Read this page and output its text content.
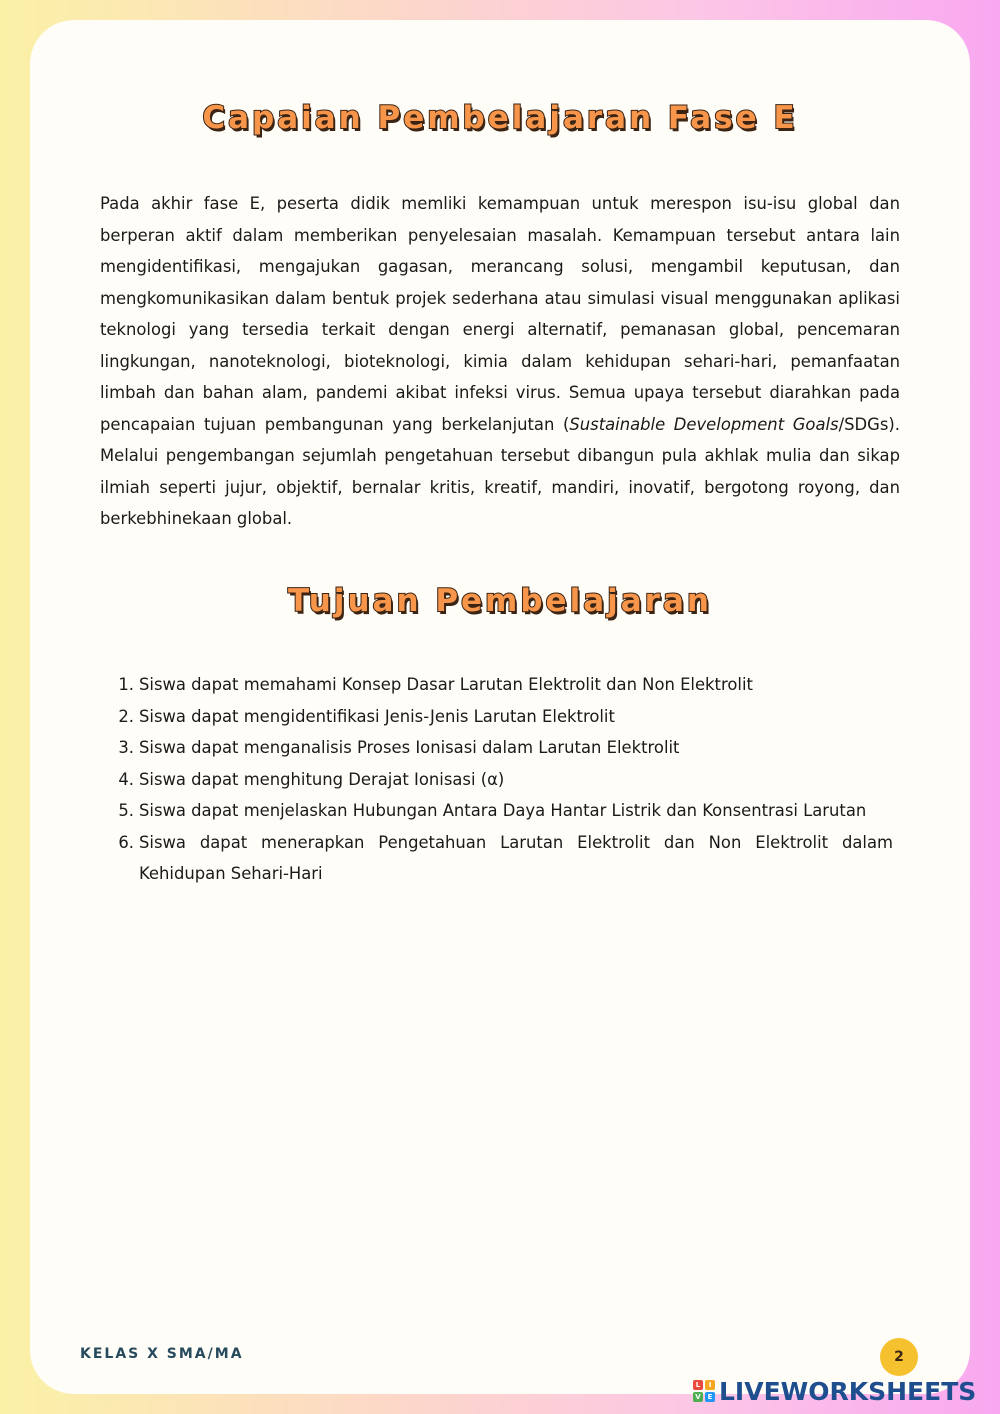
Capaian Pembelajaran Fase E

Pada akhir fase E, peserta didik memliki kemampuan untuk merespon isu-isu global dan berperan aktif dalam memberikan penyelesaian masalah. Kemampuan tersebut antara lain mengidentifikasi, mengajukan gagasan, merancang solusi, mengambil keputusan, dan mengkomunikasikan dalam bentuk projek sederhana atau simulasi visual menggunakan aplikasi teknologi yang tersedia terkait dengan energi alternatif, pemanasan global, pencemaran lingkungan, nanoteknologi, bioteknologi, kimia dalam kehidupan sehari-hari, pemanfaatan limbah dan bahan alam, pandemi akibat infeksi virus. Semua upaya tersebut diarahkan pada pencapaian tujuan pembangunan yang berkelanjutan (Sustainable Development Goals/SDGs). Melalui pengembangan sejumlah pengetahuan tersebut dibangun pula akhlak mulia dan sikap ilmiah seperti jujur, objektif, bernalar kritis, kreatif, mandiri, inovatif, bergotong royong, dan berkebhinekaan global.

Tujuan Pembelajaran
1. Siswa dapat memahami Konsep Dasar Larutan Elektrolit dan Non Elektrolit
2. Siswa dapat mengidentifikasi Jenis-Jenis Larutan Elektrolit
3. Siswa dapat menganalisis Proses Ionisasi dalam Larutan Elektrolit
4. Siswa dapat menghitung Derajat Ionisasi (α)
5. Siswa dapat menjelaskan Hubungan Antara Daya Hantar Listrik dan Konsentrasi Larutan
6. Siswa dapat menerapkan Pengetahuan Larutan Elektrolit dan Non Elektrolit dalam Kehidupan Sehari-Hari
KELAS X SMA/MA	2
L	I
V E LIVEWORKSHEETS
